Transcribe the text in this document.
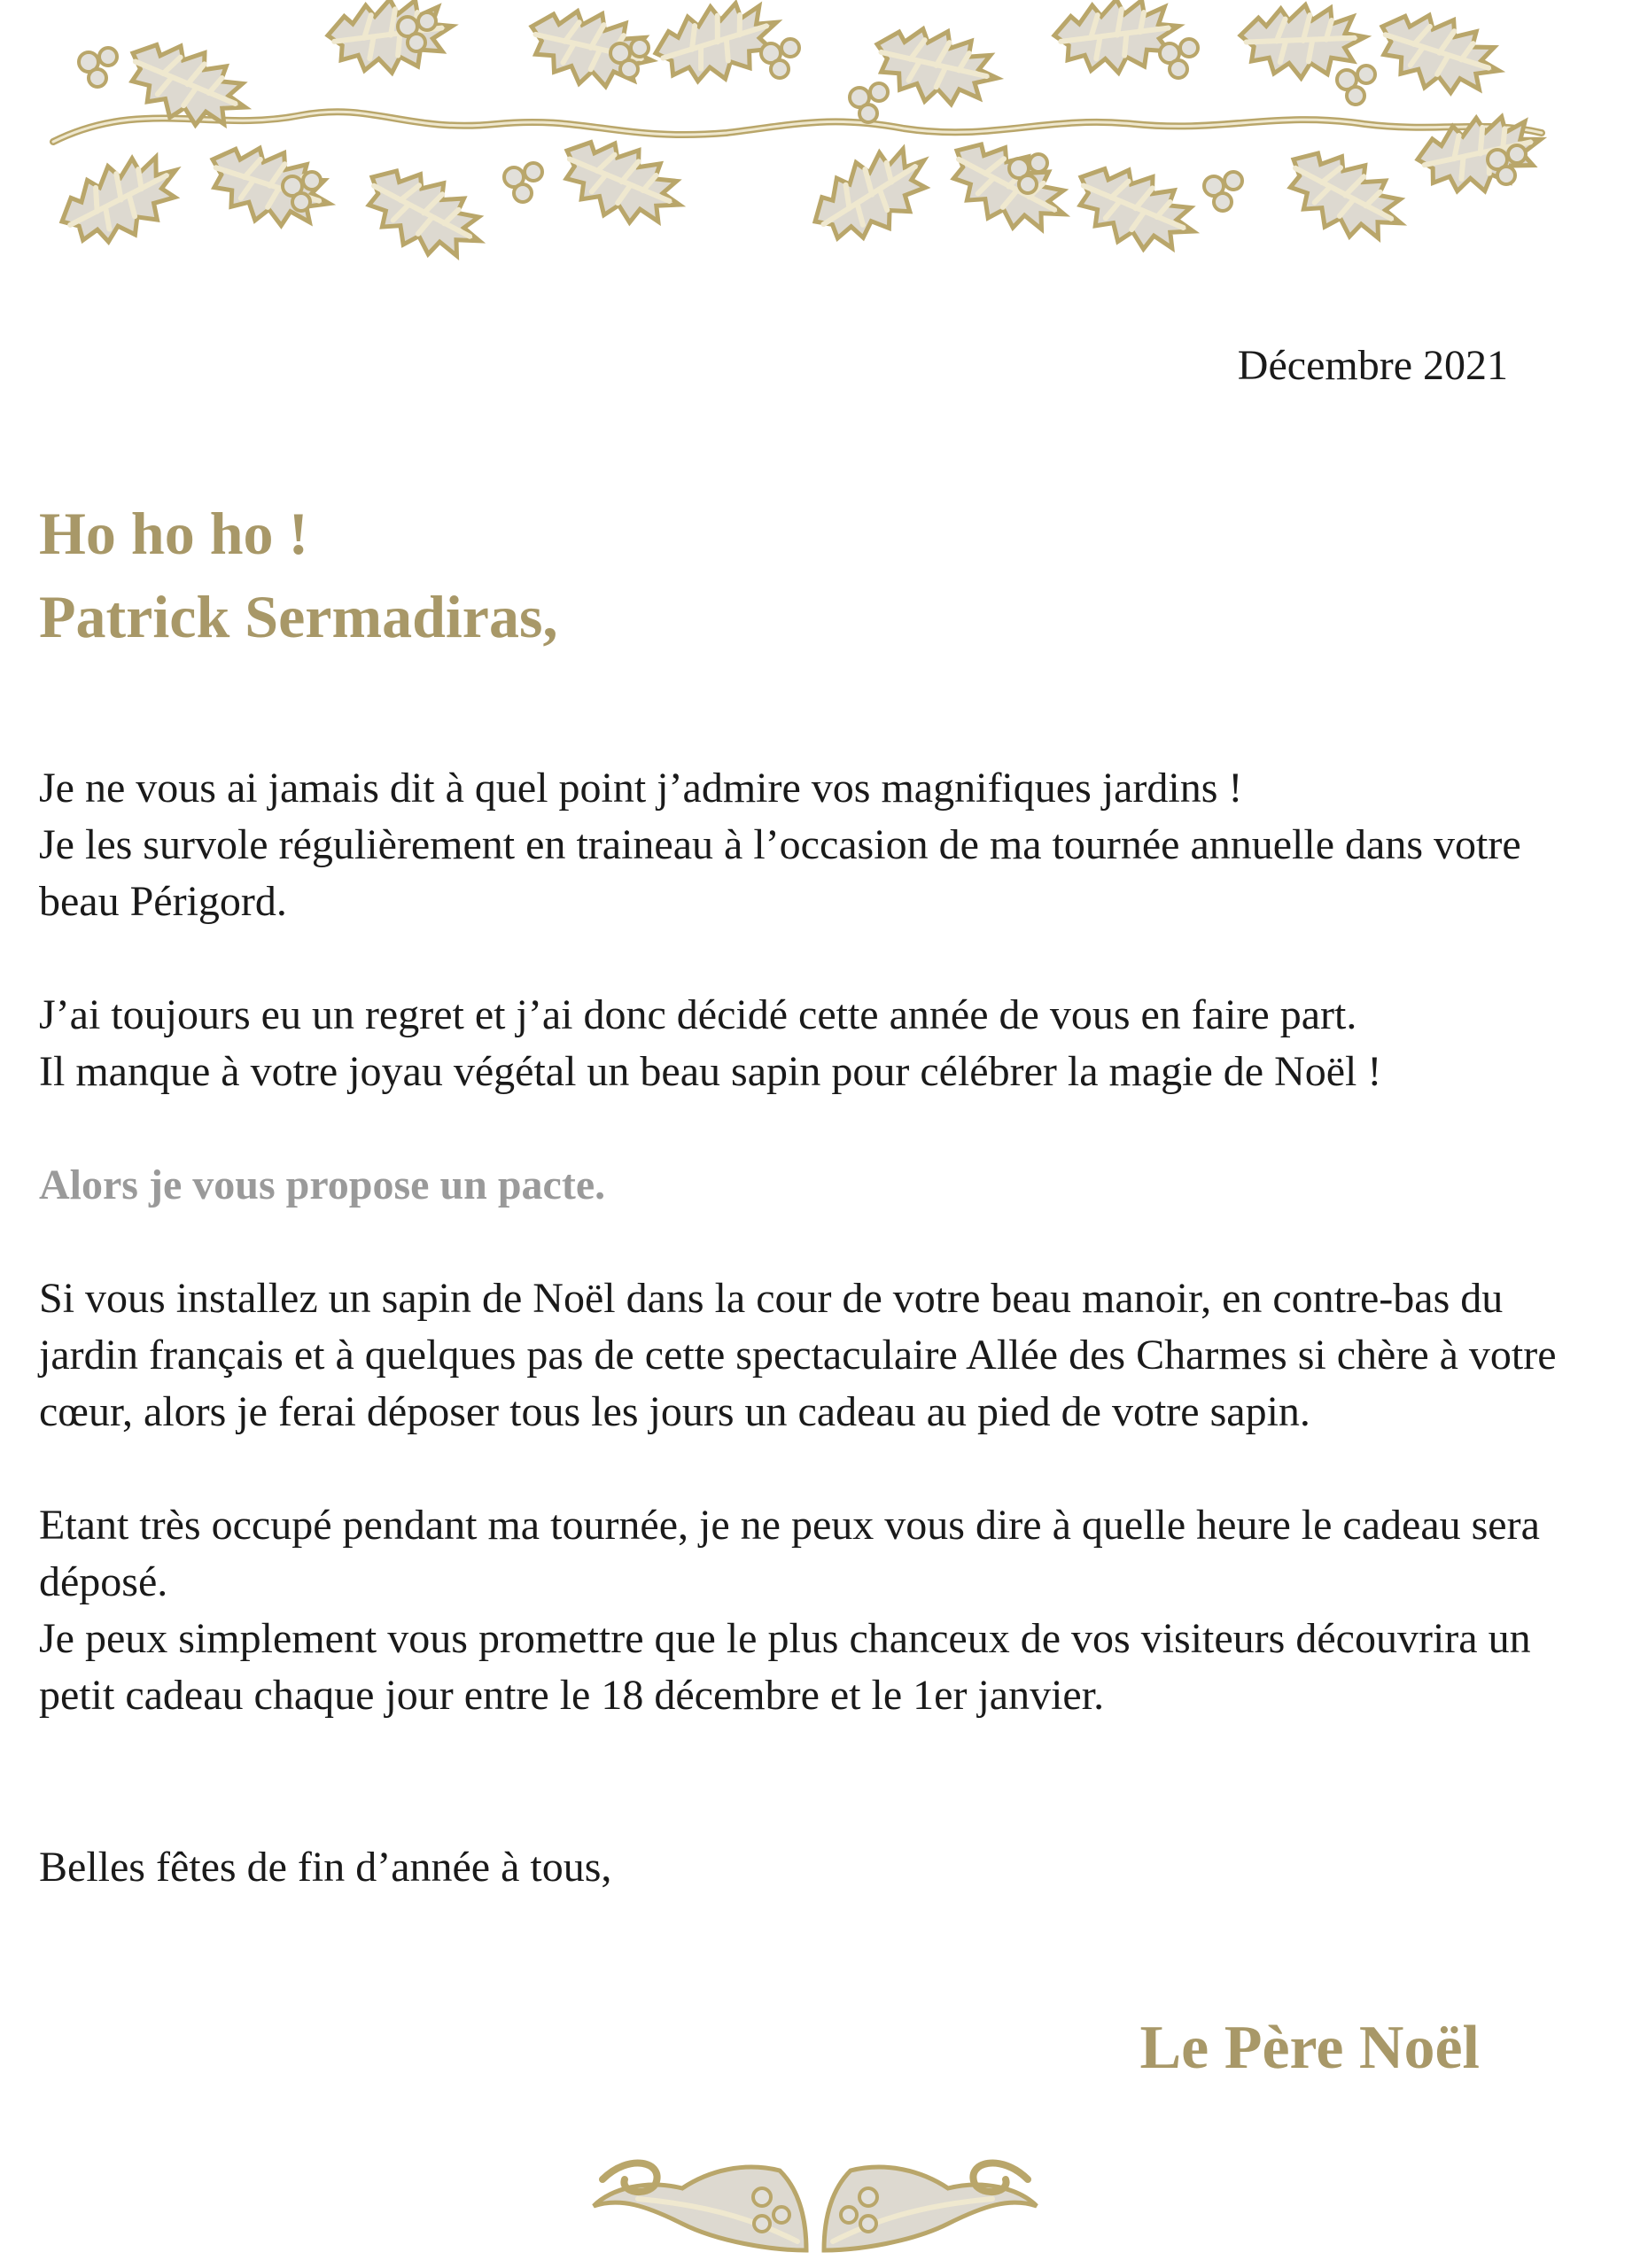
Décembre 2021
Ho ho ho !
Patrick Sermadiras,

Je ne vous ai jamais dit à quel point j’admire vos magnifiques jardins !

Je les survole régulièrement en traineau à l’occasion de ma tournée annuelle dans votre beau Périgord.

J’ai toujours eu un regret et j’ai donc décidé cette année de vous en faire part.

Il manque à votre joyau végétal un beau sapin pour célébrer la magie de Noël !

Alors je vous propose un pacte.

Si vous installez un sapin de Noël dans la cour de votre beau manoir, en contre-bas du jardin français et à quelques pas de cette spectaculaire Allée des Charmes si chère à votre cœur, alors je ferai déposer tous les jours un cadeau au pied de votre sapin.

Etant très occupé pendant ma tournée, je ne peux vous dire à quelle heure le cadeau sera déposé.

Je peux simplement vous promettre que le plus chanceux de vos visiteurs découvrira un petit cadeau chaque jour entre le 18 décembre et le 1er janvier.

Belles fêtes de fin d’année à tous,

Le Père Noël
